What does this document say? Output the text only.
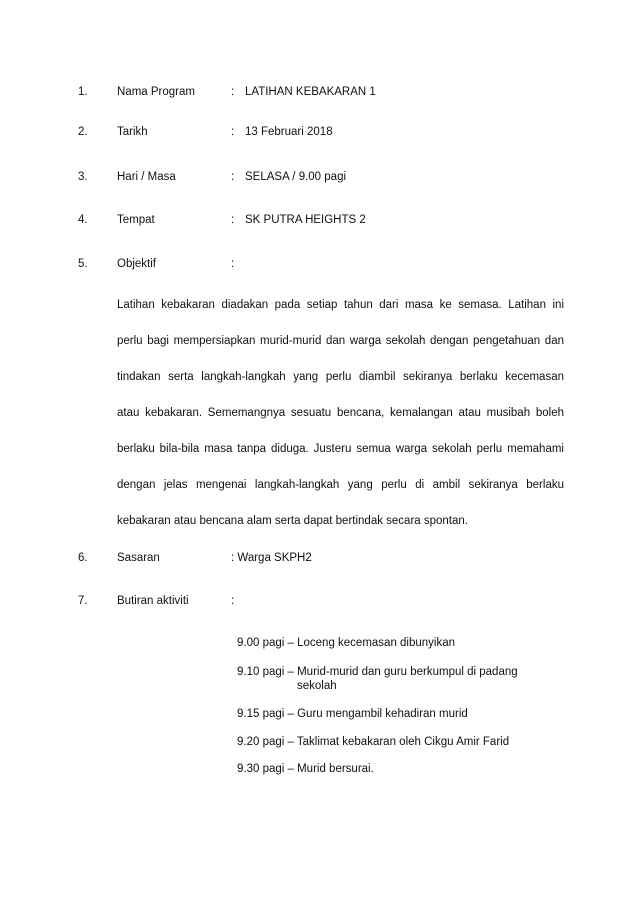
1.	Nama Program	: LATIHAN KEBAKARAN 1
2.	Tarikh	: 13 Februari 2018
3.	Hari / Masa	: SELASA / 9.00 pagi
4.	Tempat	: SK PUTRA HEIGHTS 2
5.	Objektif	:
Latihan kebakaran diadakan pada setiap tahun dari masa ke semasa. Latihan ini
perlu bagi mempersiapkan murid-murid dan warga sekolah dengan pengetahuan dan
tindakan serta langkah-langkah yang perlu diambil sekiranya berlaku kecemasan
atau kebakaran. Sememangnya sesuatu bencana, kemalangan atau musibah boleh
berlaku bila-bila masa tanpa diduga. Justeru semua warga sekolah perlu memahami
dengan jelas mengenai langkah-langkah yang perlu di ambil sekiranya berlaku
kebakaran atau bencana alam serta dapat bertindak secara spontan.
6.	Sasaran	: Warga SKPH2
7.	Butiran aktiviti	:
9.00 pagi – Loceng kecemasan dibunyikan
9.10 pagi – Murid-murid dan guru berkumpul di padang
sekolah
9.15 pagi – Guru mengambil kehadiran murid
9.20 pagi – Taklimat kebakaran oleh Cikgu Amir Farid
9.30 pagi – Murid bersurai.
